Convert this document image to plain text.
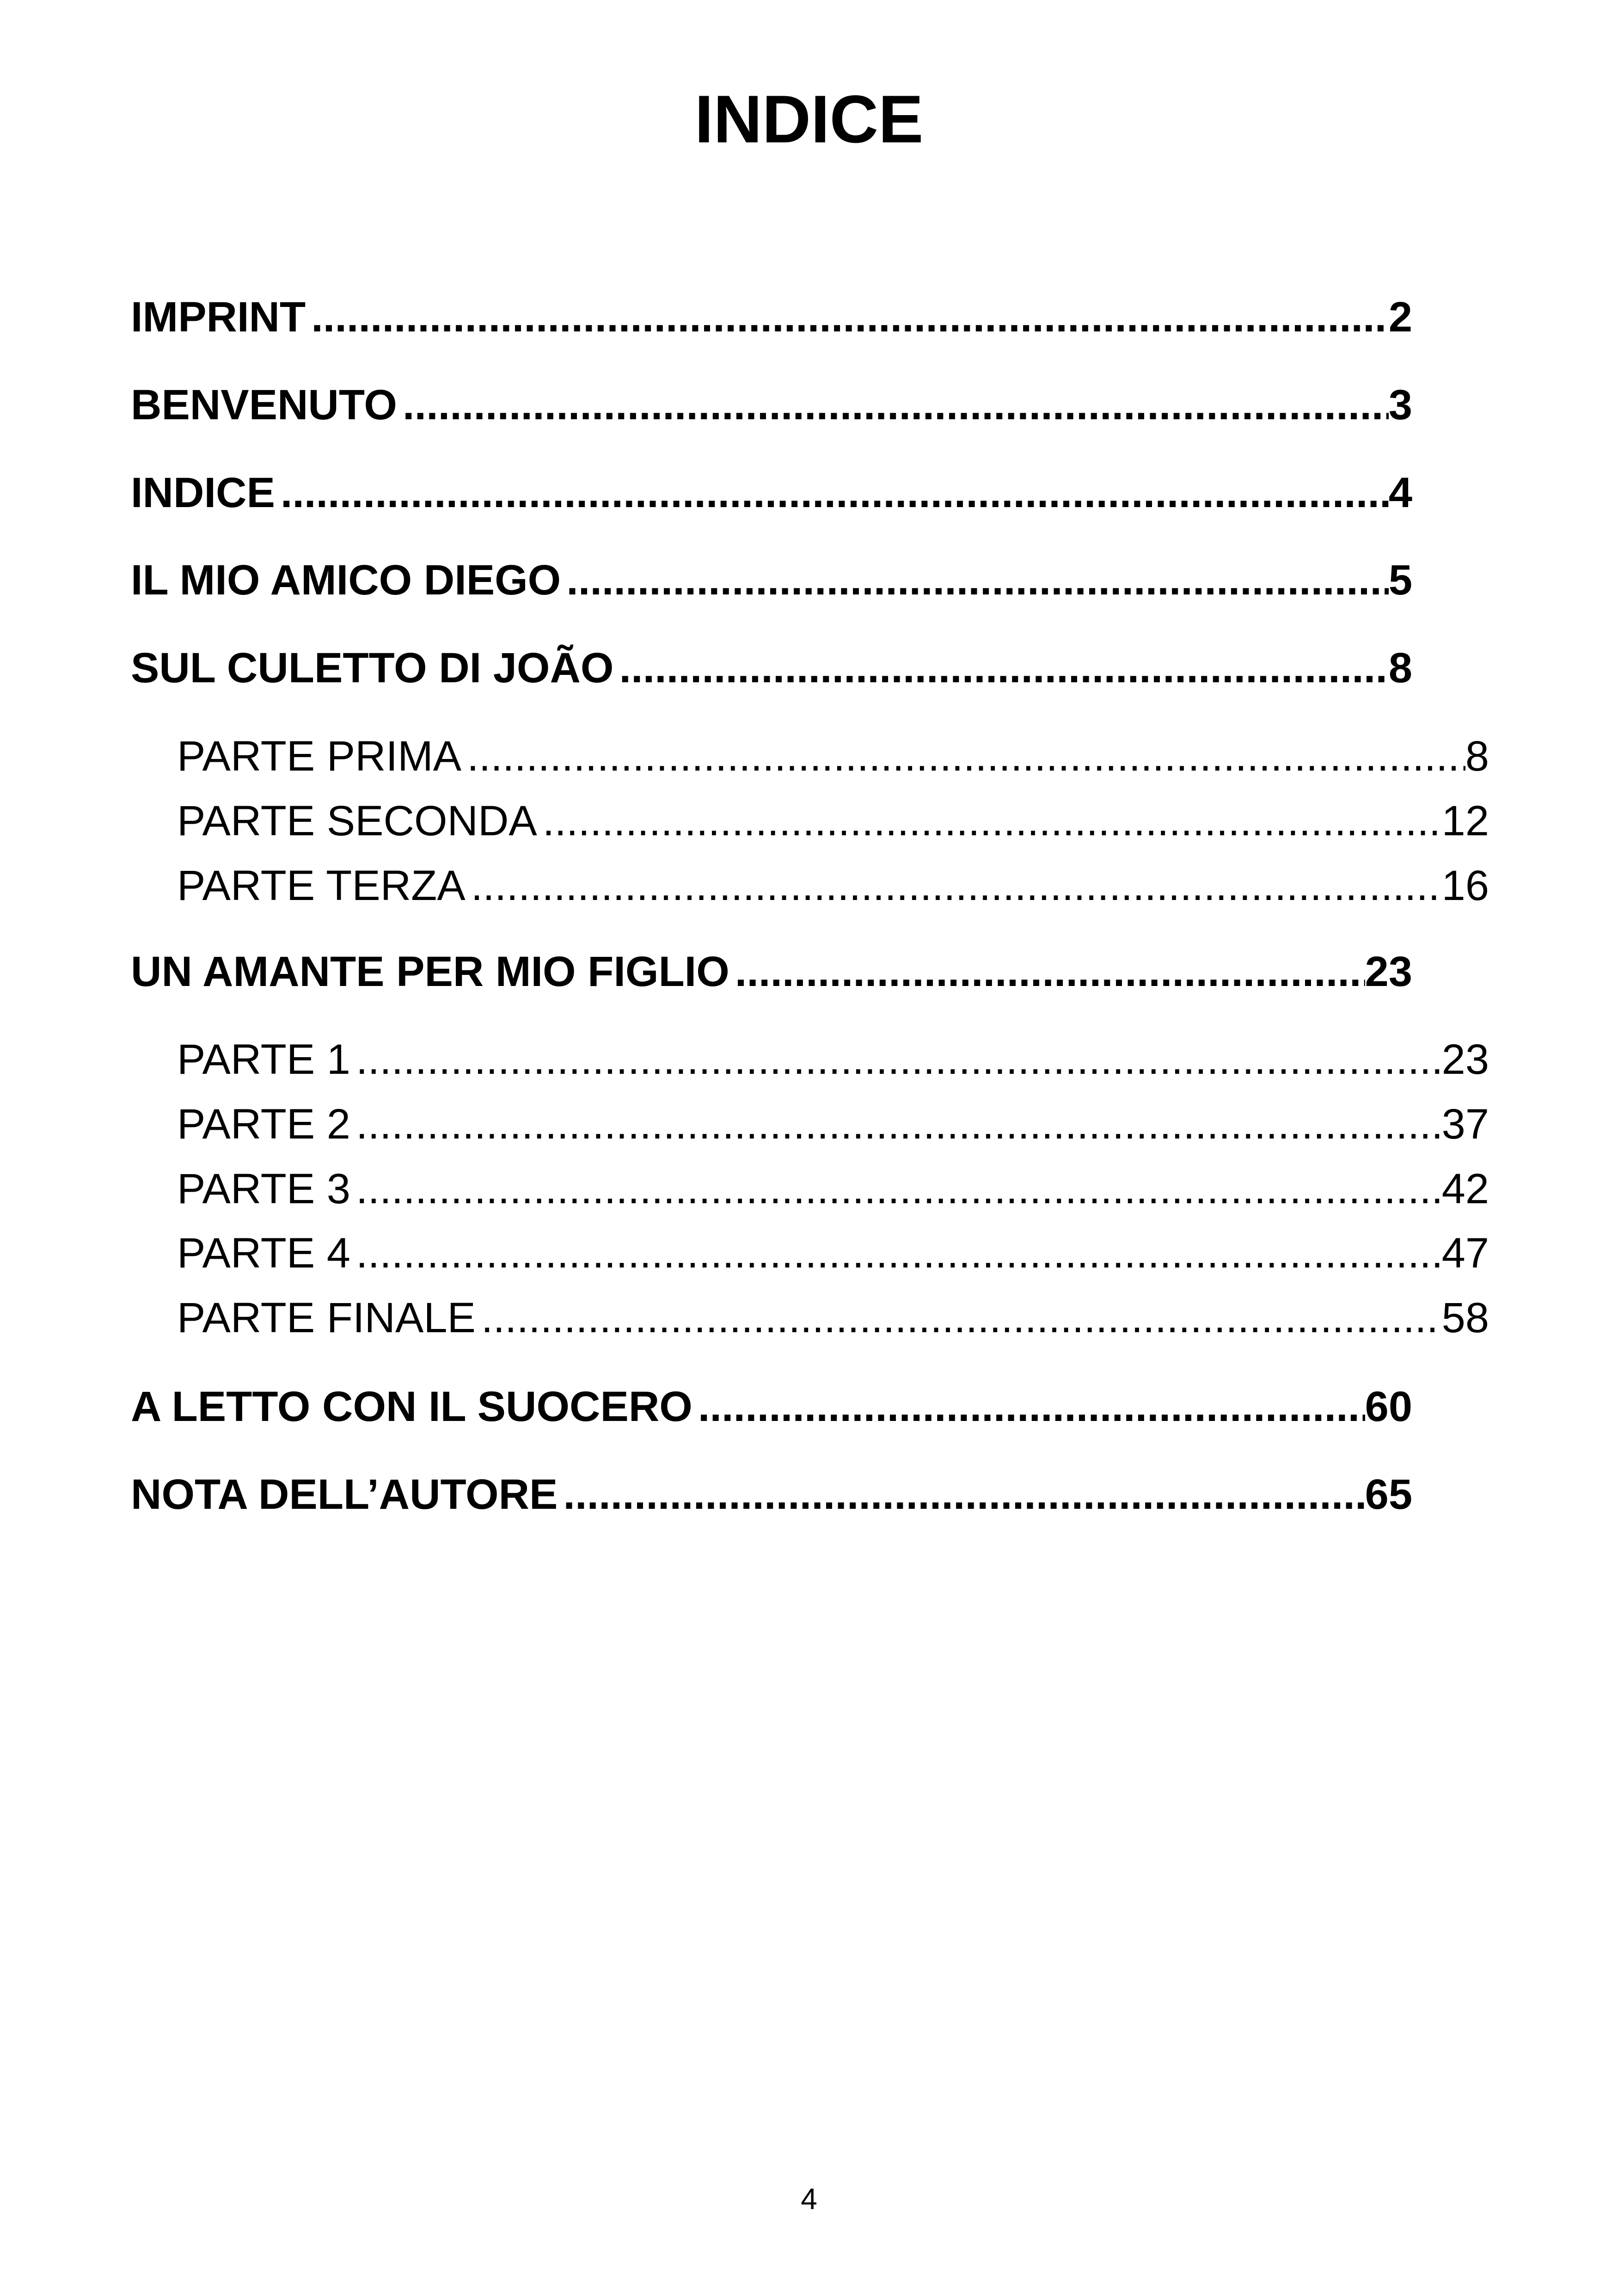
INDICE
IMPRINT .....	2
BENVENUTO .....	3
INDICE .....	4
IL MIO AMICO DIEGO .....	5
SUL CULETTO DI JOÃO .....	8
PARTE PRIMA .....	8
PARTE SECONDA .....	12
PARTE TERZA .....	16
UN AMANTE PER MIO FIGLIO .....	23
PARTE 1 .....	23
PARTE 2 .....	37
PARTE 3 .....	42
PARTE 4 .....	47
PARTE FINALE .....	58
A LETTO CON IL SUOCERO .....	60
NOTA DELL’AUTORE .....	65
4
